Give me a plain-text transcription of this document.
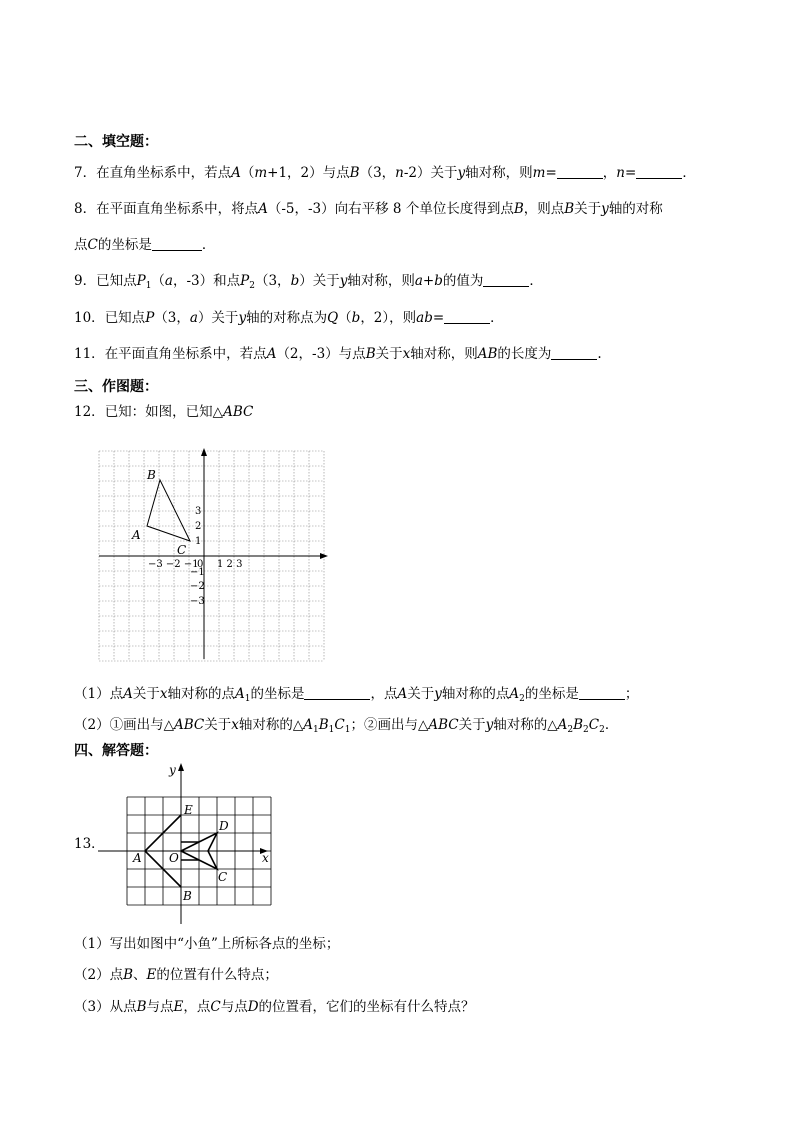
二、填空题：
7．在直角坐标系中，若点A（m+1，2）与点B（3，n-2）关于y轴对称，则m=	，n=	．
8．在平面直角坐标系中，将点A（-5，-3）向右平移 8 个单位长度得到点B，则点B关于y轴的对称
点C的坐标是	．
9．已知点$P_1(a$，-3）和点$P_2(3$，b）关于y轴对称，则a+b的值为	．
10．已知点P（3，a）关于y轴的对称点为Q（b，2），则ab=	．
11．在平面直角坐标系中，若点A（2，-3）与点B关于x轴对称，则AB的长度为	.
三、作图题：
12．已知：如图，已知△ABC
B
A
C
3
2
1
−1
−2
−3
−3 −2 −1
0 1 2 3
（1）点A关于x轴对称的点$A_1$的坐标是	，点A关于y轴对称的点$A_2$的坐标是	；
（2）①画出与△ABC关于x轴对称的$\triangle A_1B_1C_1$；②画出与△ABC关于y轴对称的$\triangle A_2B_2C_2$．
四、解答题：
13．
y
x
E
D
A O
C
B
（1）写出如图中“小鱼”上所标各点的坐标；
（2）点B、E的位置有什么特点；
（3）从点B与点E，点C与点D的位置看，它们的坐标有什么特点？
